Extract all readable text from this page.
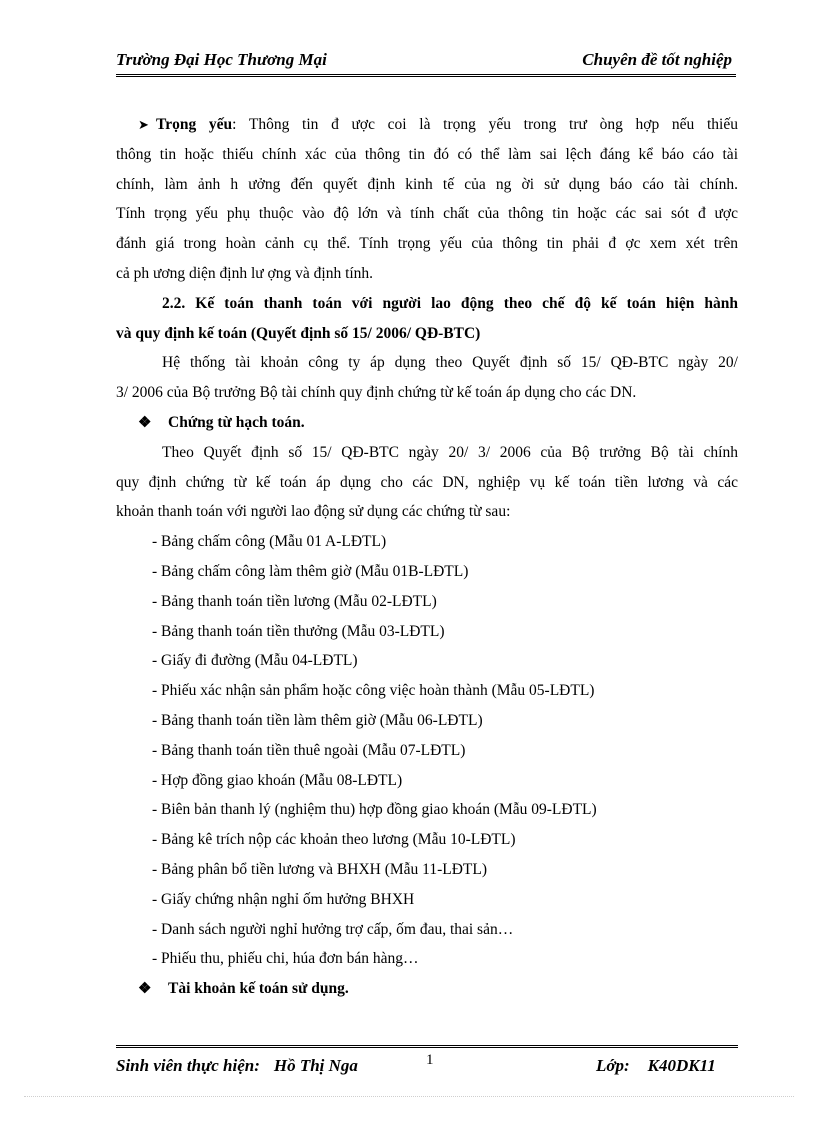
Trường Đại Học Thương Mại	Chuyên đề tốt nghiệp
➤ Trọng yếu: Thông tin đ ược coi là trọng yếu trong trư òng hợp nếu thiếu
thông tin hoặc thiếu chính xác của thông tin đó có thể làm sai lệch đáng kể báo cáo tài
chính, làm ảnh h ưởng đến quyết định kinh tế của ng ời sử dụng báo cáo tài chính.
Tính trọng yếu phụ thuộc vào độ lớn và tính chất của thông tin hoặc các sai sót đ ược
đánh giá trong hoàn cảnh cụ thể. Tính trọng yếu của thông tin phải đ ợc xem xét trên
cả ph ương diện định lư ợng và định tính.
2.2. Kế toán thanh toán với người lao động theo chế độ kế toán hiện hành
và quy định kế toán (Quyết định số 15/ 2006/ QĐ-BTC)
Hệ thống tài khoản công ty áp dụng theo Quyết định số 15/ QĐ-BTC ngày 20/
3/ 2006 của Bộ trưởng Bộ tài chính quy định chứng từ kế toán áp dụng cho các DN.
❖ Chứng từ hạch toán.
Theo Quyết định số 15/ QĐ-BTC ngày 20/ 3/ 2006 của Bộ trưởng Bộ tài chính
quy định chứng từ kế toán áp dụng cho các DN, nghiệp vụ kế toán tiền lương và các
khoản thanh toán với người lao động sử dụng các chứng từ sau:
- Bảng chấm công (Mẫu 01 A-LĐTL)
- Bảng chấm công làm thêm giờ (Mẫu 01B-LĐTL)
- Bảng thanh toán tiền lương (Mẫu 02-LĐTL)
- Bảng thanh toán tiền thưởng (Mẫu 03-LĐTL)
- Giấy đi đường (Mẫu 04-LĐTL)
- Phiếu xác nhận sản phẩm hoặc công việc hoàn thành (Mẫu 05-LĐTL)
- Bảng thanh toán tiền làm thêm giờ (Mẫu 06-LĐTL)
- Bảng thanh toán tiền thuê ngoài (Mẫu 07-LĐTL)
- Hợp đồng giao khoán (Mẫu 08-LĐTL)
- Biên bản thanh lý (nghiệm thu) hợp đồng giao khoán (Mẫu 09-LĐTL)
- Bảng kê trích nộp các khoản theo lương (Mẫu 10-LĐTL)
- Bảng phân bổ tiền lương và BHXH (Mẫu 11-LĐTL)
- Giấy chứng nhận nghỉ ốm hưởng BHXH
- Danh sách người nghỉ hưởng trợ cấp, ốm đau, thai sản…
- Phiếu thu, phiếu chi, húa đơn bán hàng…
❖ Tài khoản kế toán sử dụng.
Sinh viên thực hiện: Hồ Thị Nga	1	Lớp: K40DK11
